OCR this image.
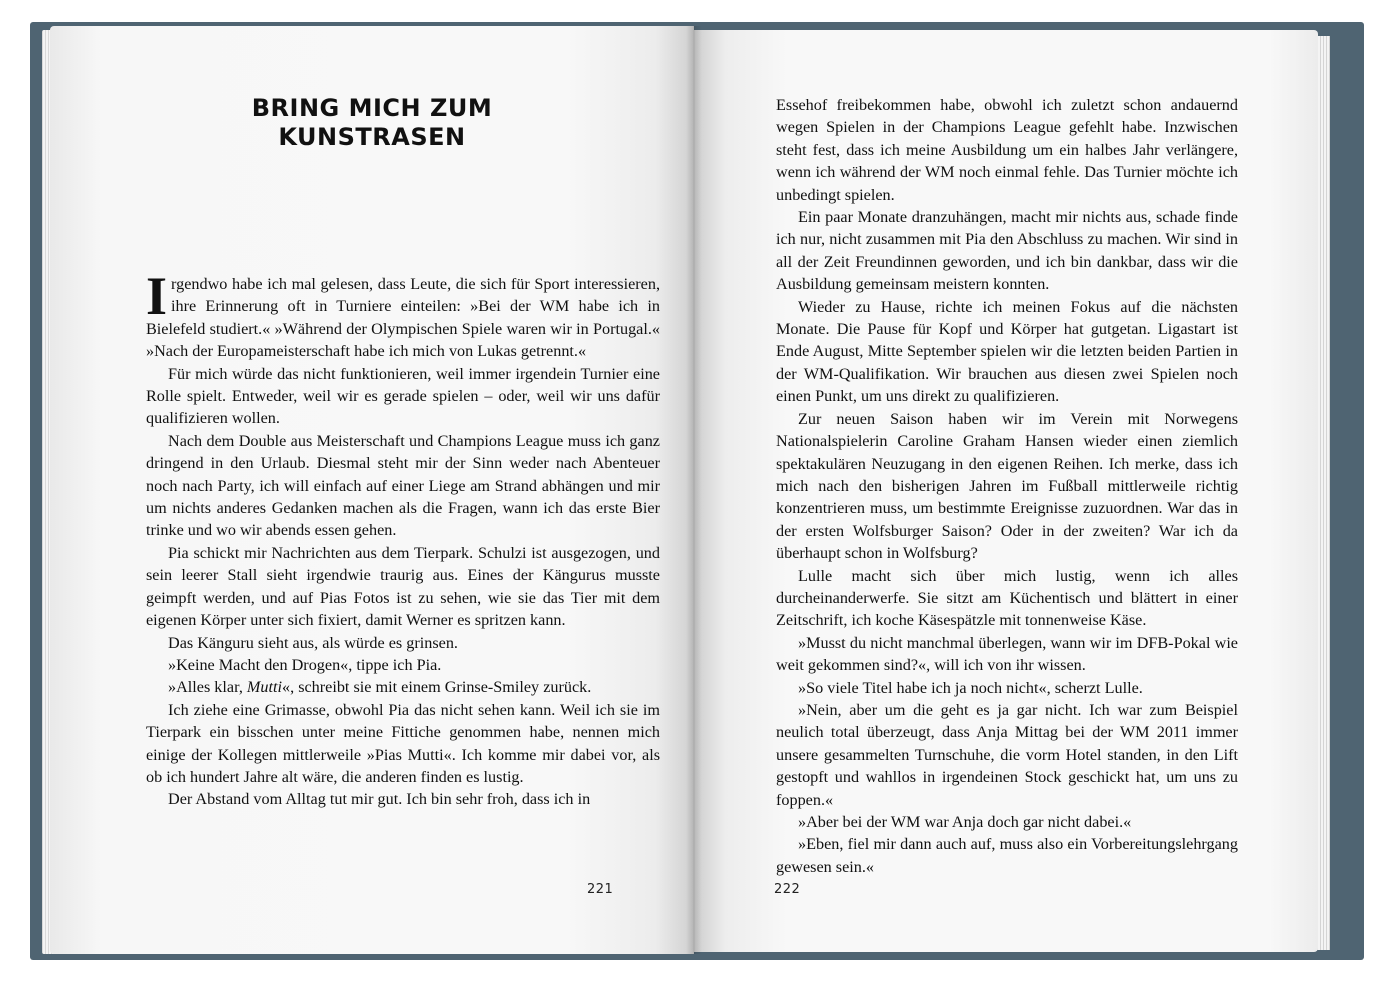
BRING MICH ZUM
KUNSTRASEN

Irgendwo habe ich mal gelesen, dass Leute, die sich für Sport interessieren, ihre Erinnerung oft in Turniere einteilen: »Bei der WM habe ich in Bielefeld studiert.« »Während der Olympischen Spiele waren wir in Portugal.« »Nach der Europameisterschaft habe ich mich von Lukas getrennt.«

Für mich würde das nicht funktionieren, weil immer irgendein Turnier eine Rolle spielt. Entweder, weil wir es gerade spielen – oder, weil wir uns dafür qualifizieren wollen.

Nach dem Double aus Meisterschaft und Champions League muss ich ganz dringend in den Urlaub. Diesmal steht mir der Sinn weder nach Abenteuer noch nach Party, ich will einfach auf einer Liege am Strand abhängen und mir um nichts anderes Gedanken machen als die Fragen, wann ich das erste Bier trinke und wo wir abends essen gehen.

Pia schickt mir Nachrichten aus dem Tierpark. Schulzi ist ausgezogen, und sein leerer Stall sieht irgendwie traurig aus. Eines der Kängurus musste geimpft werden, und auf Pias Fotos ist zu sehen, wie sie das Tier mit dem eigenen Körper unter sich fixiert, damit Werner es spritzen kann.

Das Känguru sieht aus, als würde es grinsen.

»Keine Macht den Drogen«, tippe ich Pia.

»Alles klar, Mutti«, schreibt sie mit einem Grinse-Smiley zurück.

Ich ziehe eine Grimasse, obwohl Pia das nicht sehen kann. Weil ich sie im Tierpark ein bisschen unter meine Fittiche genommen habe, nennen mich einige der Kollegen mittlerweile »Pias Mutti«. Ich komme mir dabei vor, als ob ich hundert Jahre alt wäre, die anderen finden es lustig.

Der Abstand vom Alltag tut mir gut. Ich bin sehr froh, dass ich in

221

Essehof freibekommen habe, obwohl ich zuletzt schon andauernd wegen Spielen in der Champions League gefehlt habe. Inzwischen steht fest, dass ich meine Ausbildung um ein halbes Jahr verlängere, wenn ich während der WM noch einmal fehle. Das Turnier möchte ich unbedingt spielen.

Ein paar Monate dranzuhängen, macht mir nichts aus, schade finde ich nur, nicht zusammen mit Pia den Abschluss zu machen. Wir sind in all der Zeit Freundinnen geworden, und ich bin dankbar, dass wir die Ausbildung gemeinsam meistern konnten.

Wieder zu Hause, richte ich meinen Fokus auf die nächsten Monate. Die Pause für Kopf und Körper hat gutgetan. Ligastart ist Ende August, Mitte September spielen wir die letzten beiden Partien in der WM-Qualifikation. Wir brauchen aus diesen zwei Spielen noch einen Punkt, um uns direkt zu qualifizieren.

Zur neuen Saison haben wir im Verein mit Norwegens Nationalspielerin Caroline Graham Hansen wieder einen ziemlich spektakulären Neuzugang in den eigenen Reihen. Ich merke, dass ich mich nach den bisherigen Jahren im Fußball mittlerweile richtig konzentrieren muss, um bestimmte Ereignisse zuzuordnen. War das in der ersten Wolfsburger Saison? Oder in der zweiten? War ich da überhaupt schon in Wolfsburg?

Lulle macht sich über mich lustig, wenn ich alles durcheinanderwerfe. Sie sitzt am Küchentisch und blättert in einer Zeitschrift, ich koche Käsespätzle mit tonnenweise Käse.

»Musst du nicht manchmal überlegen, wann wir im DFB-Pokal wie weit gekommen sind?«, will ich von ihr wissen.

»So viele Titel habe ich ja noch nicht«, scherzt Lulle.

»Nein, aber um die geht es ja gar nicht. Ich war zum Beispiel neulich total überzeugt, dass Anja Mittag bei der WM 2011 immer unsere gesammelten Turnschuhe, die vorm Hotel standen, in den Lift gestopft und wahllos in irgendeinen Stock geschickt hat, um uns zu foppen.«

»Aber bei der WM war Anja doch gar nicht dabei.«

»Eben, fiel mir dann auch auf, muss also ein Vorbereitungslehrgang gewesen sein.«

222
